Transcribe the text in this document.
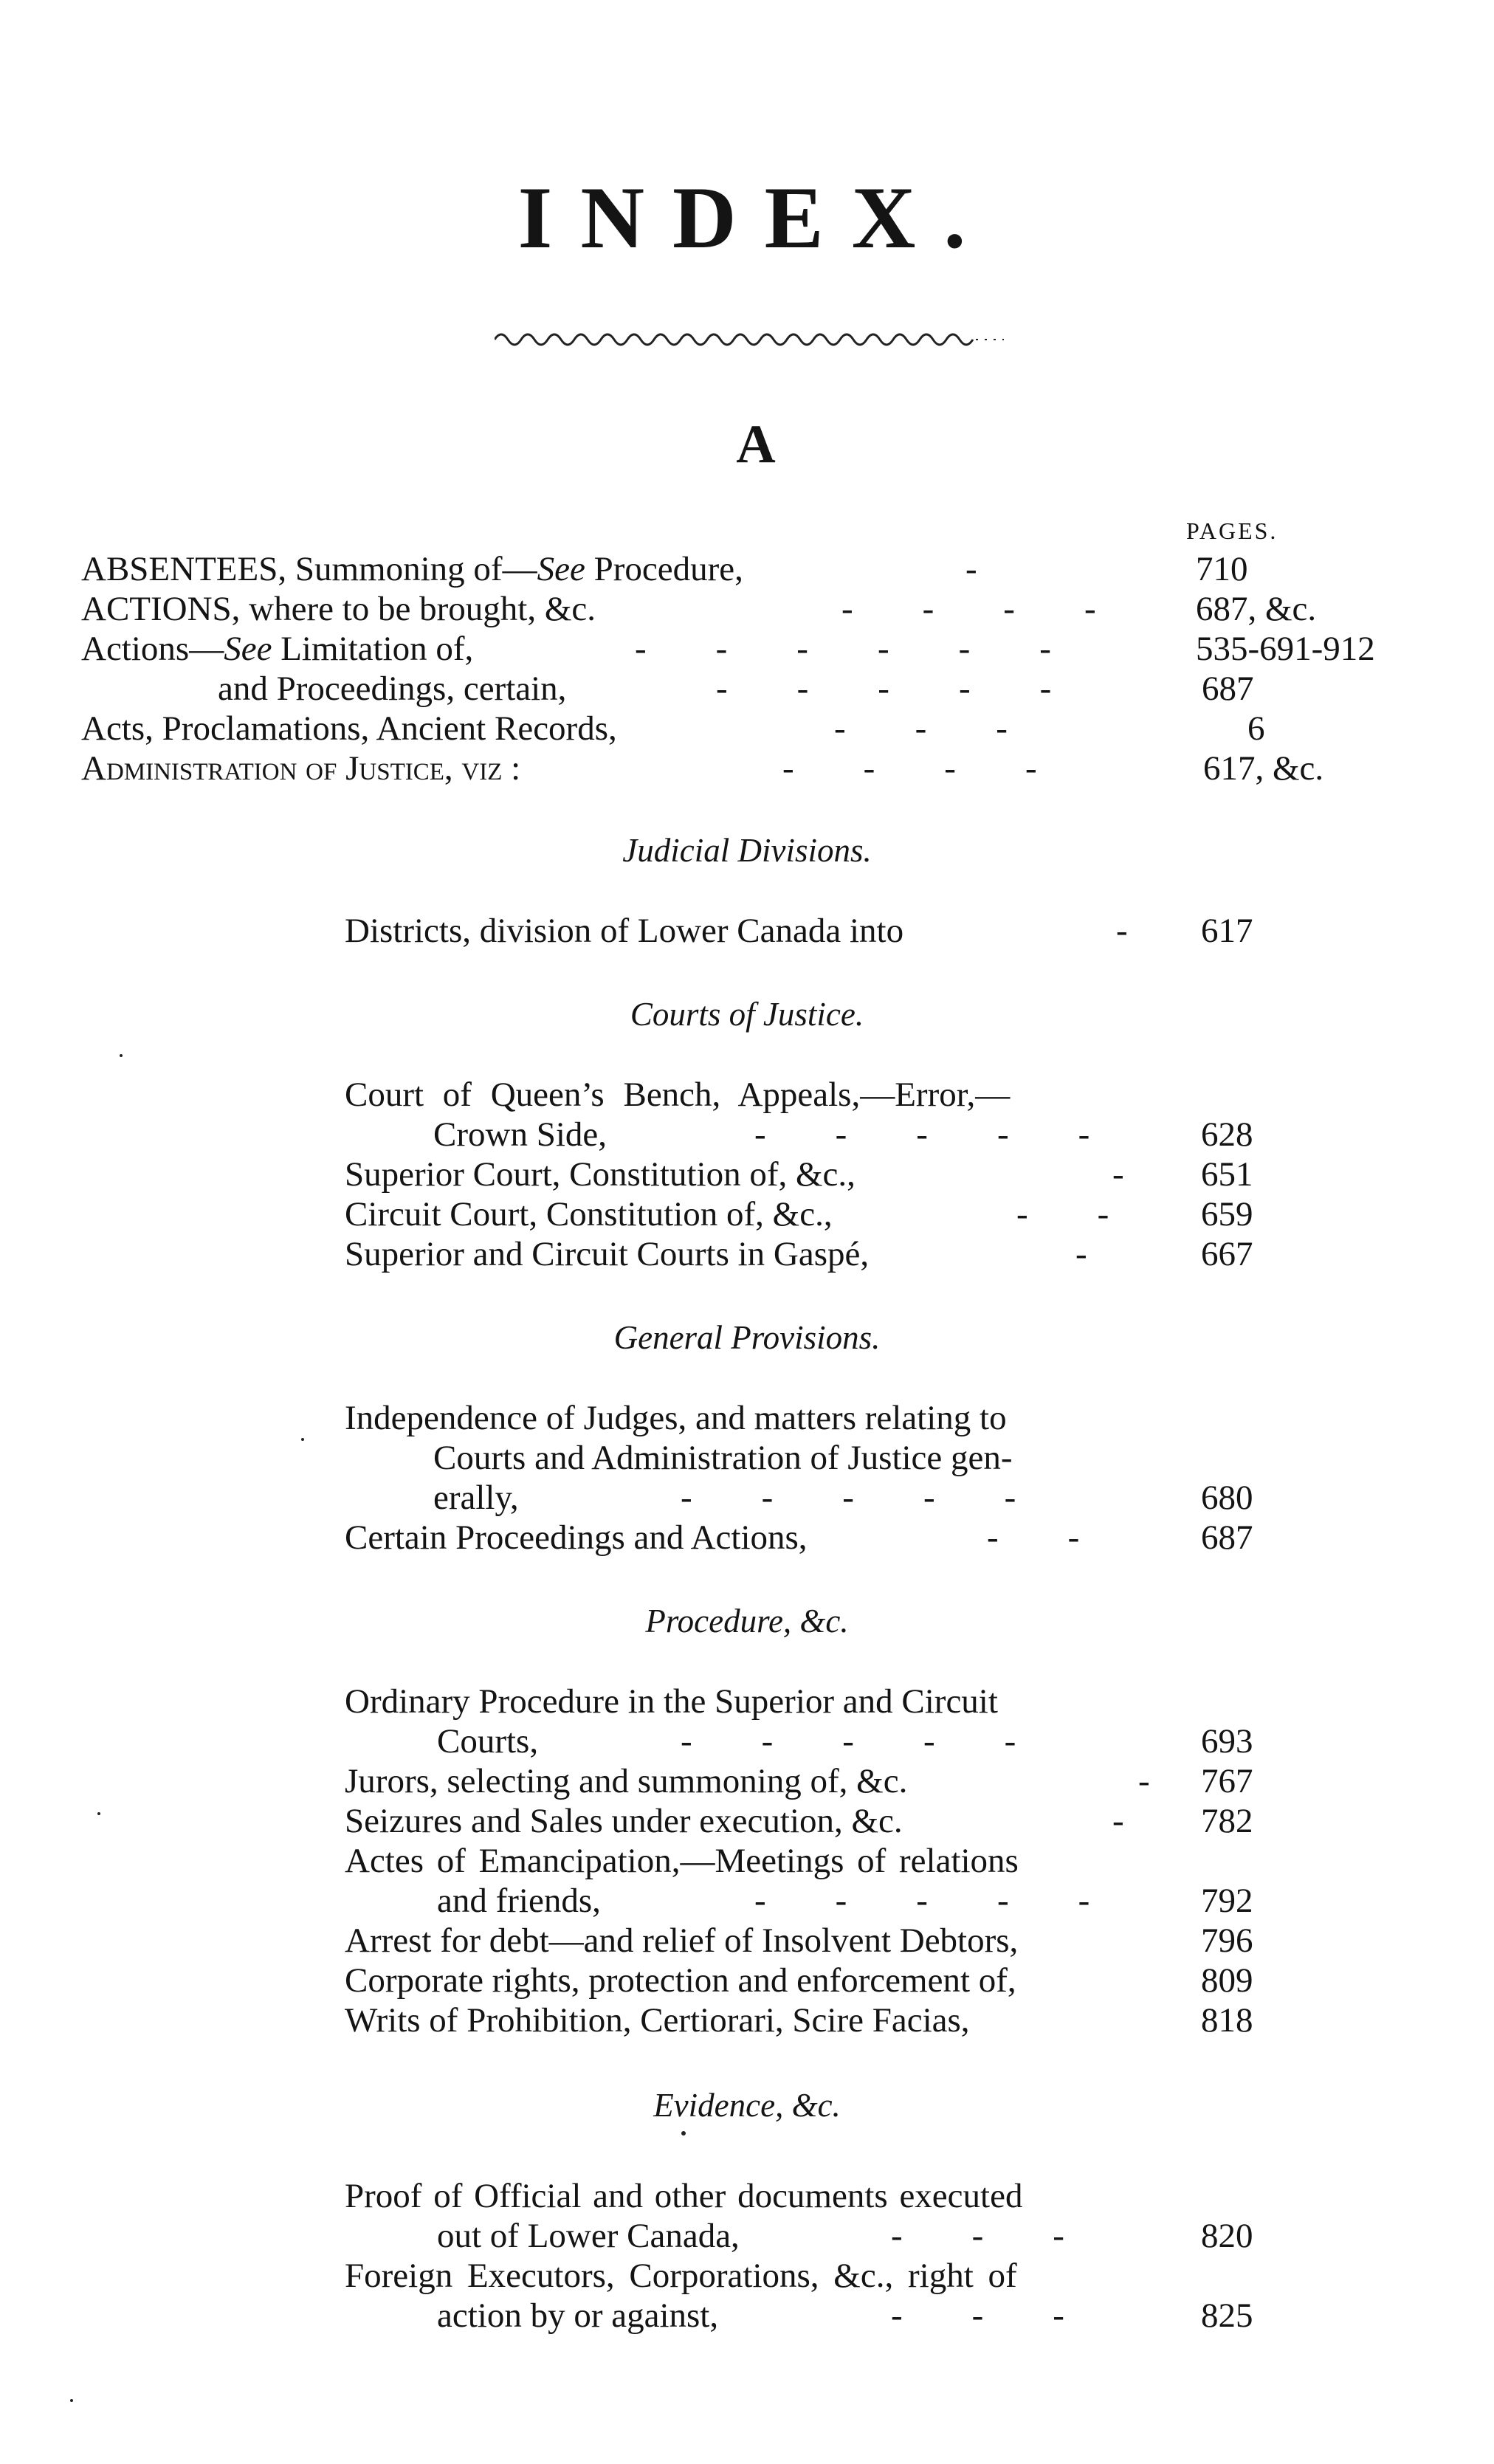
INDEX.
A
PAGES.
ABSENTEES, Summoning of—See Procedure,	-	710
ACTIONS, where to be brought, &c.	-        -        -        -	687, &c.
Actions—See Limitation of,	-        -        -        -        -        -	535-691-912
and Proceedings, certain,	-        -        -        -        -	687
Acts, Proclamations, Ancient Records,	-        -        -	6
Administration of Justice, viz :	-        -        -        -	617, &c.
Judicial Divisions.
Districts, division of Lower Canada into	- 617
Courts of Justice.
Court of Queen’s Bench, Appeals,—Error,—
Crown Side,	-        -        -        -        -	628
Superior Court, Constitution of, &c.,	- 651
Circuit Court, Constitution of, &c.,	-        -	659
Superior and Circuit Courts in Gaspé,	-	667
General Provisions.
Independence of Judges, and matters relating to
Courts and Administration of Justice gen-
erally,	-        -        -        -        -	680
Certain Proceedings and Actions,	-        -	687
Procedure, &c.
Ordinary Procedure in the Superior and Circuit
Courts,	-        -        -        -        -	693
Jurors, selecting and summoning of, &c.	- 767
Seizures and Sales under execution, &c.	- 782
Actes of Emancipation,—Meetings of relations
and friends,	-        -        -        -        -	792
Arrest for debt—and relief of Insolvent Debtors,	796
Corporate rights, protection and enforcement of,	809
Writs of Prohibition, Certiorari, Scire Facias,	818
Evidence, &c.
Proof of Official and other documents executed
out of Lower Canada,	-        -        -	820
Foreign Executors, Corporations, &c., right of
action by or against,	-        -        -	825
